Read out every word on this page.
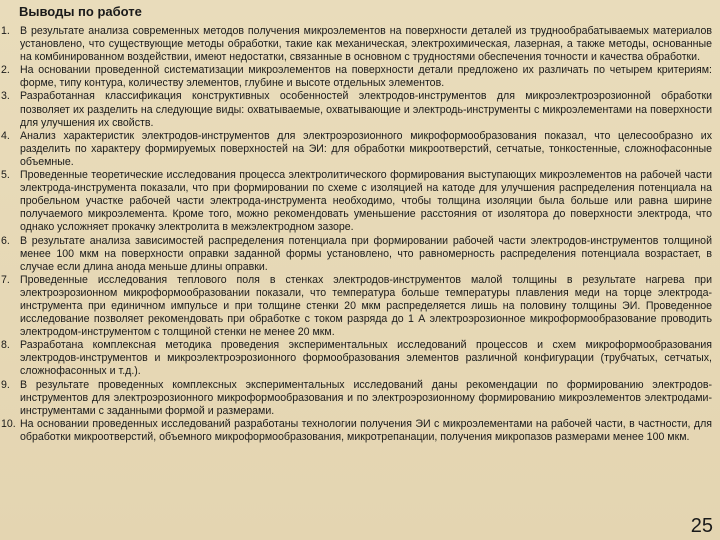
Выводы по работе
1. В результате анализа современных методов получения микроэлементов на поверхности деталей из труднообрабатываемых материалов установлено, что существующие методы обработки, такие как механическая, электрохимическая, лазерная, а также методы, основанные на комбинированном воздействии, имеют недостатки, связанные в основном с трудностями обеспечения точности и качества обработки.
2. На основании проведенной систематизации микроэлементов на поверхности детали предложено их различать по четырем критериям: форме, типу контура, количеству элементов, глубине и высоте отдельных элементов.
3. Разработанная классификация конструктивных особенностей электродов-инструментов для микроэлектроэрозионной обработки позволяет их разделить на следующие виды: охватываемые, охватывающие и электродь-инструменты с микроэлементами на поверхности для улучшения их свойств.
4. Анализ характеристик электродов-инструментов для электроэрозионного микроформообразования показал, что целесообразно их разделить по характеру формируемых поверхностей на ЭИ: для обработки микроотверстий, сетчатые, тонкостенные, сложнофасонные объемные.
5. Проведенные теоретические исследования процесса электролитического формирования выступающих микроэлементов на рабочей части электрода-инструмента показали, что при формировании по схеме с изоляцией на катоде для улучшения распределения потенциала на пробельном участке рабочей части электрода-инструмента необходимо, чтобы толщина изоляции была больше или равна ширине получаемого микроэлемента. Кроме того, можно рекомендовать уменьшение расстояния от изолятора до поверхности электрода, что однако усложняет прокачку электролита в межэлектродном зазоре.
6. В результате анализа зависимостей распределения потенциала при формировании рабочей части электродов-инструментов толщиной менее 100 мкм на поверхности оправки заданной формы установлено, что равномерность распределения потенциала возрастает, в случае если длина анода меньше длины оправки.
7. Проведенные исследования теплового поля в стенках электродов-инструментов малой толщины в результате нагрева при электроэрозионном микроформообразовании показали, что температура больше температуры плавления меди на торце электрода-инструмента при единичном импульсе и при толщине стенки 20 мкм распределяется лишь на половину толщины ЭИ. Проведенное исследование позволяет рекомендовать при обработке с током разряда до 1 А электроэрозионное микроформообразование проводить электродом-инструментом с толщиной стенки не менее 20 мкм.
8. Разработана комплексная методика проведения экспериментальных исследований процессов и схем микроформообразования электродов-инструментов и микроэлектроэрозионного формообразования элементов различной конфигурации (трубчатых, сетчатых, сложнофасонных и т.д.).
9. В результате проведенных комплексных экспериментальных исследований даны рекомендации по формированию электродов-инструментов для электроэрозионного микроформообразования и по электроэрозионному формированию микроэлементов электродами-инструментами с заданными формой и размерами.
10. На основании проведенных исследований разработаны технологии получения ЭИ с микроэлементами на рабочей части, в частности, для обработки микроотверстий, объемного микроформообразования, микротрепанации, получения микропазов размерами менее 100 мкм.
25
